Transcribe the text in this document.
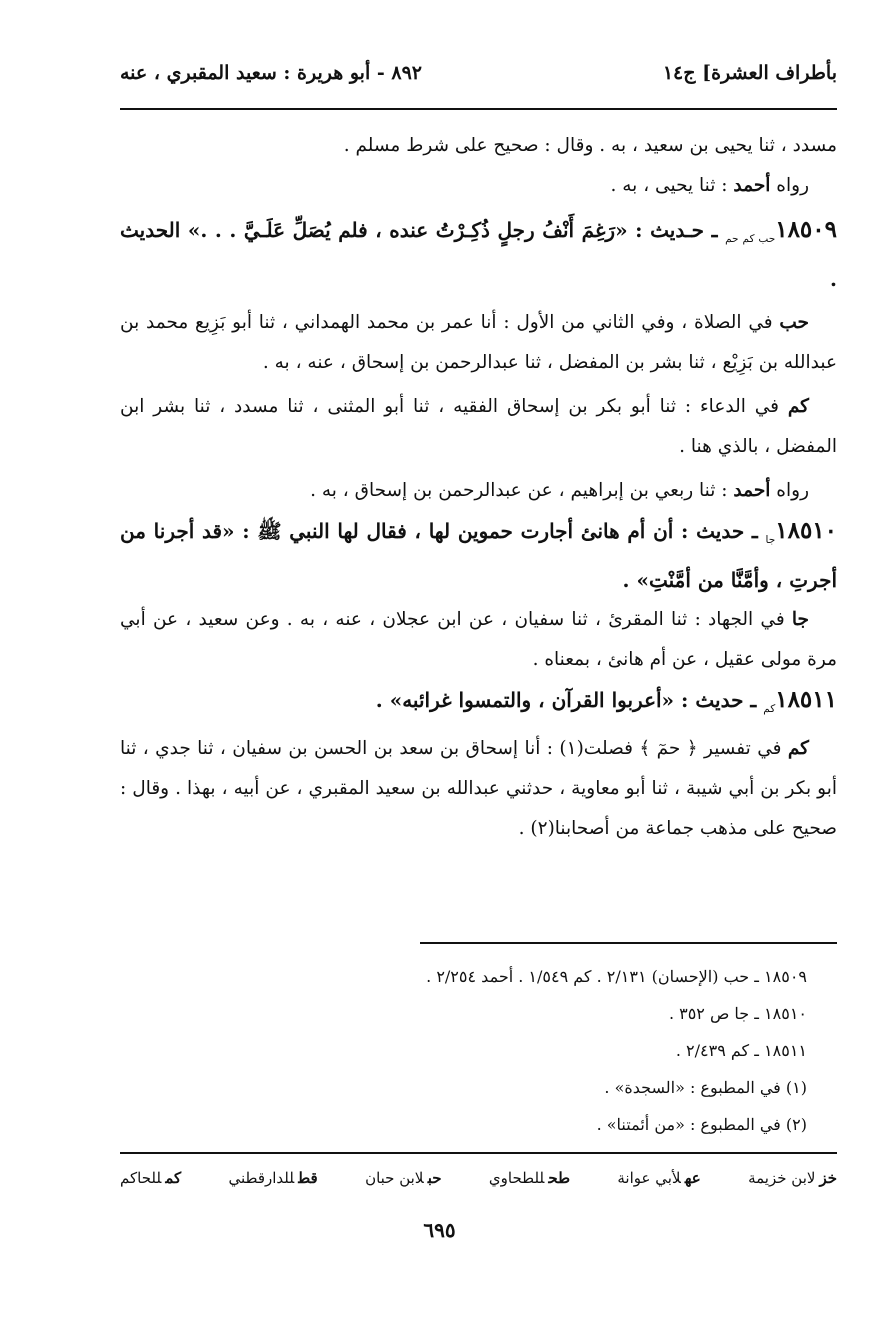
بأطراف العشرة] ج١٤
٨٩٢ - أبو هريرة : سعيد المقبري ، عنه

مسدد ، ثنا يحيى بن سعيد ، به . وقال : صحيح على شرط مسلم .

رواه أحمد : ثنا يحيى ، به .

$١٨٥٠٩_{حب كم حم}$ ـ حـديث : «رَغِمَ أَنْفُ رجلٍ ذُكِـرْتُ عنده ، فلم يُصَلِّ عَلَـيَّ . . .» الحديث .

حب في الصلاة ، وفي الثاني من الأول : أنا عمر بن محمد الهمداني ، ثنا أبو بَزِيع محمد بن عبدالله بن بَزِيْع ، ثنا بشر بن المفضل ، ثنا عبدالرحمن بن إسحاق ، عنه ، به .

كم في الدعاء : ثنا أبو بكر بن إسحاق الفقيه ، ثنا أبو المثنى ، ثنا مسدد ، ثنا بشر ابن المفضل ، بالذي هنا .

رواه أحمد : ثنا ربعي بن إبراهيم ، عن عبدالرحمن بن إسحاق ، به .

$١٨٥١٠_{جا}$ ـ حديث : أن أم هانئ أجارت حموين لها ، فقال لها النبي ﷺ : «قد أجرنا من أجرتِ ، وأمَّنَّا من أمَّنْتِ» .

جا في الجهاد : ثنا المقرئ ، ثنا سفيان ، عن ابن عجلان ، عنه ، به . وعن سعيد ، عن أبي مرة مولى عقيل ، عن أم هانئ ، بمعناه .

$١٨٥١١_{كم}$ ـ حديث : «أعربوا القرآن ، والتمسوا غرائبه» .

كم في تفسير ﴿ حمٓ ﴾ فصلت(١) : أنا إسحاق بن سعد بن الحسن بن سفيان ، ثنا جدي ، ثنا أبو بكر بن أبي شيبة ، ثنا أبو معاوية ، حدثني عبدالله بن سعيد المقبري ، عن أبيه ، بهذا . وقال : صحيح على مذهب جماعة من أصحابنا(٢) .

١٨٥٠٩ ـ حب (الإحسان) ٢/١٣١ . كم ١/٥٤٩ . أحمد ٢/٢٥٤ .

١٨٥١٠ ـ جا ص ٣٥٢ .

١٨٥١١ ـ كم ٢/٤٣٩ .

(١) في المطبوع : «السجدة» .

(٢) في المطبوع : «من أئمتنا» .

خزلابن خزيمة
عهلأبي عوانة
طحللطحاوي
حبلابن حبان
قطللدارقطني
كمللحاكم
٦٩٥
